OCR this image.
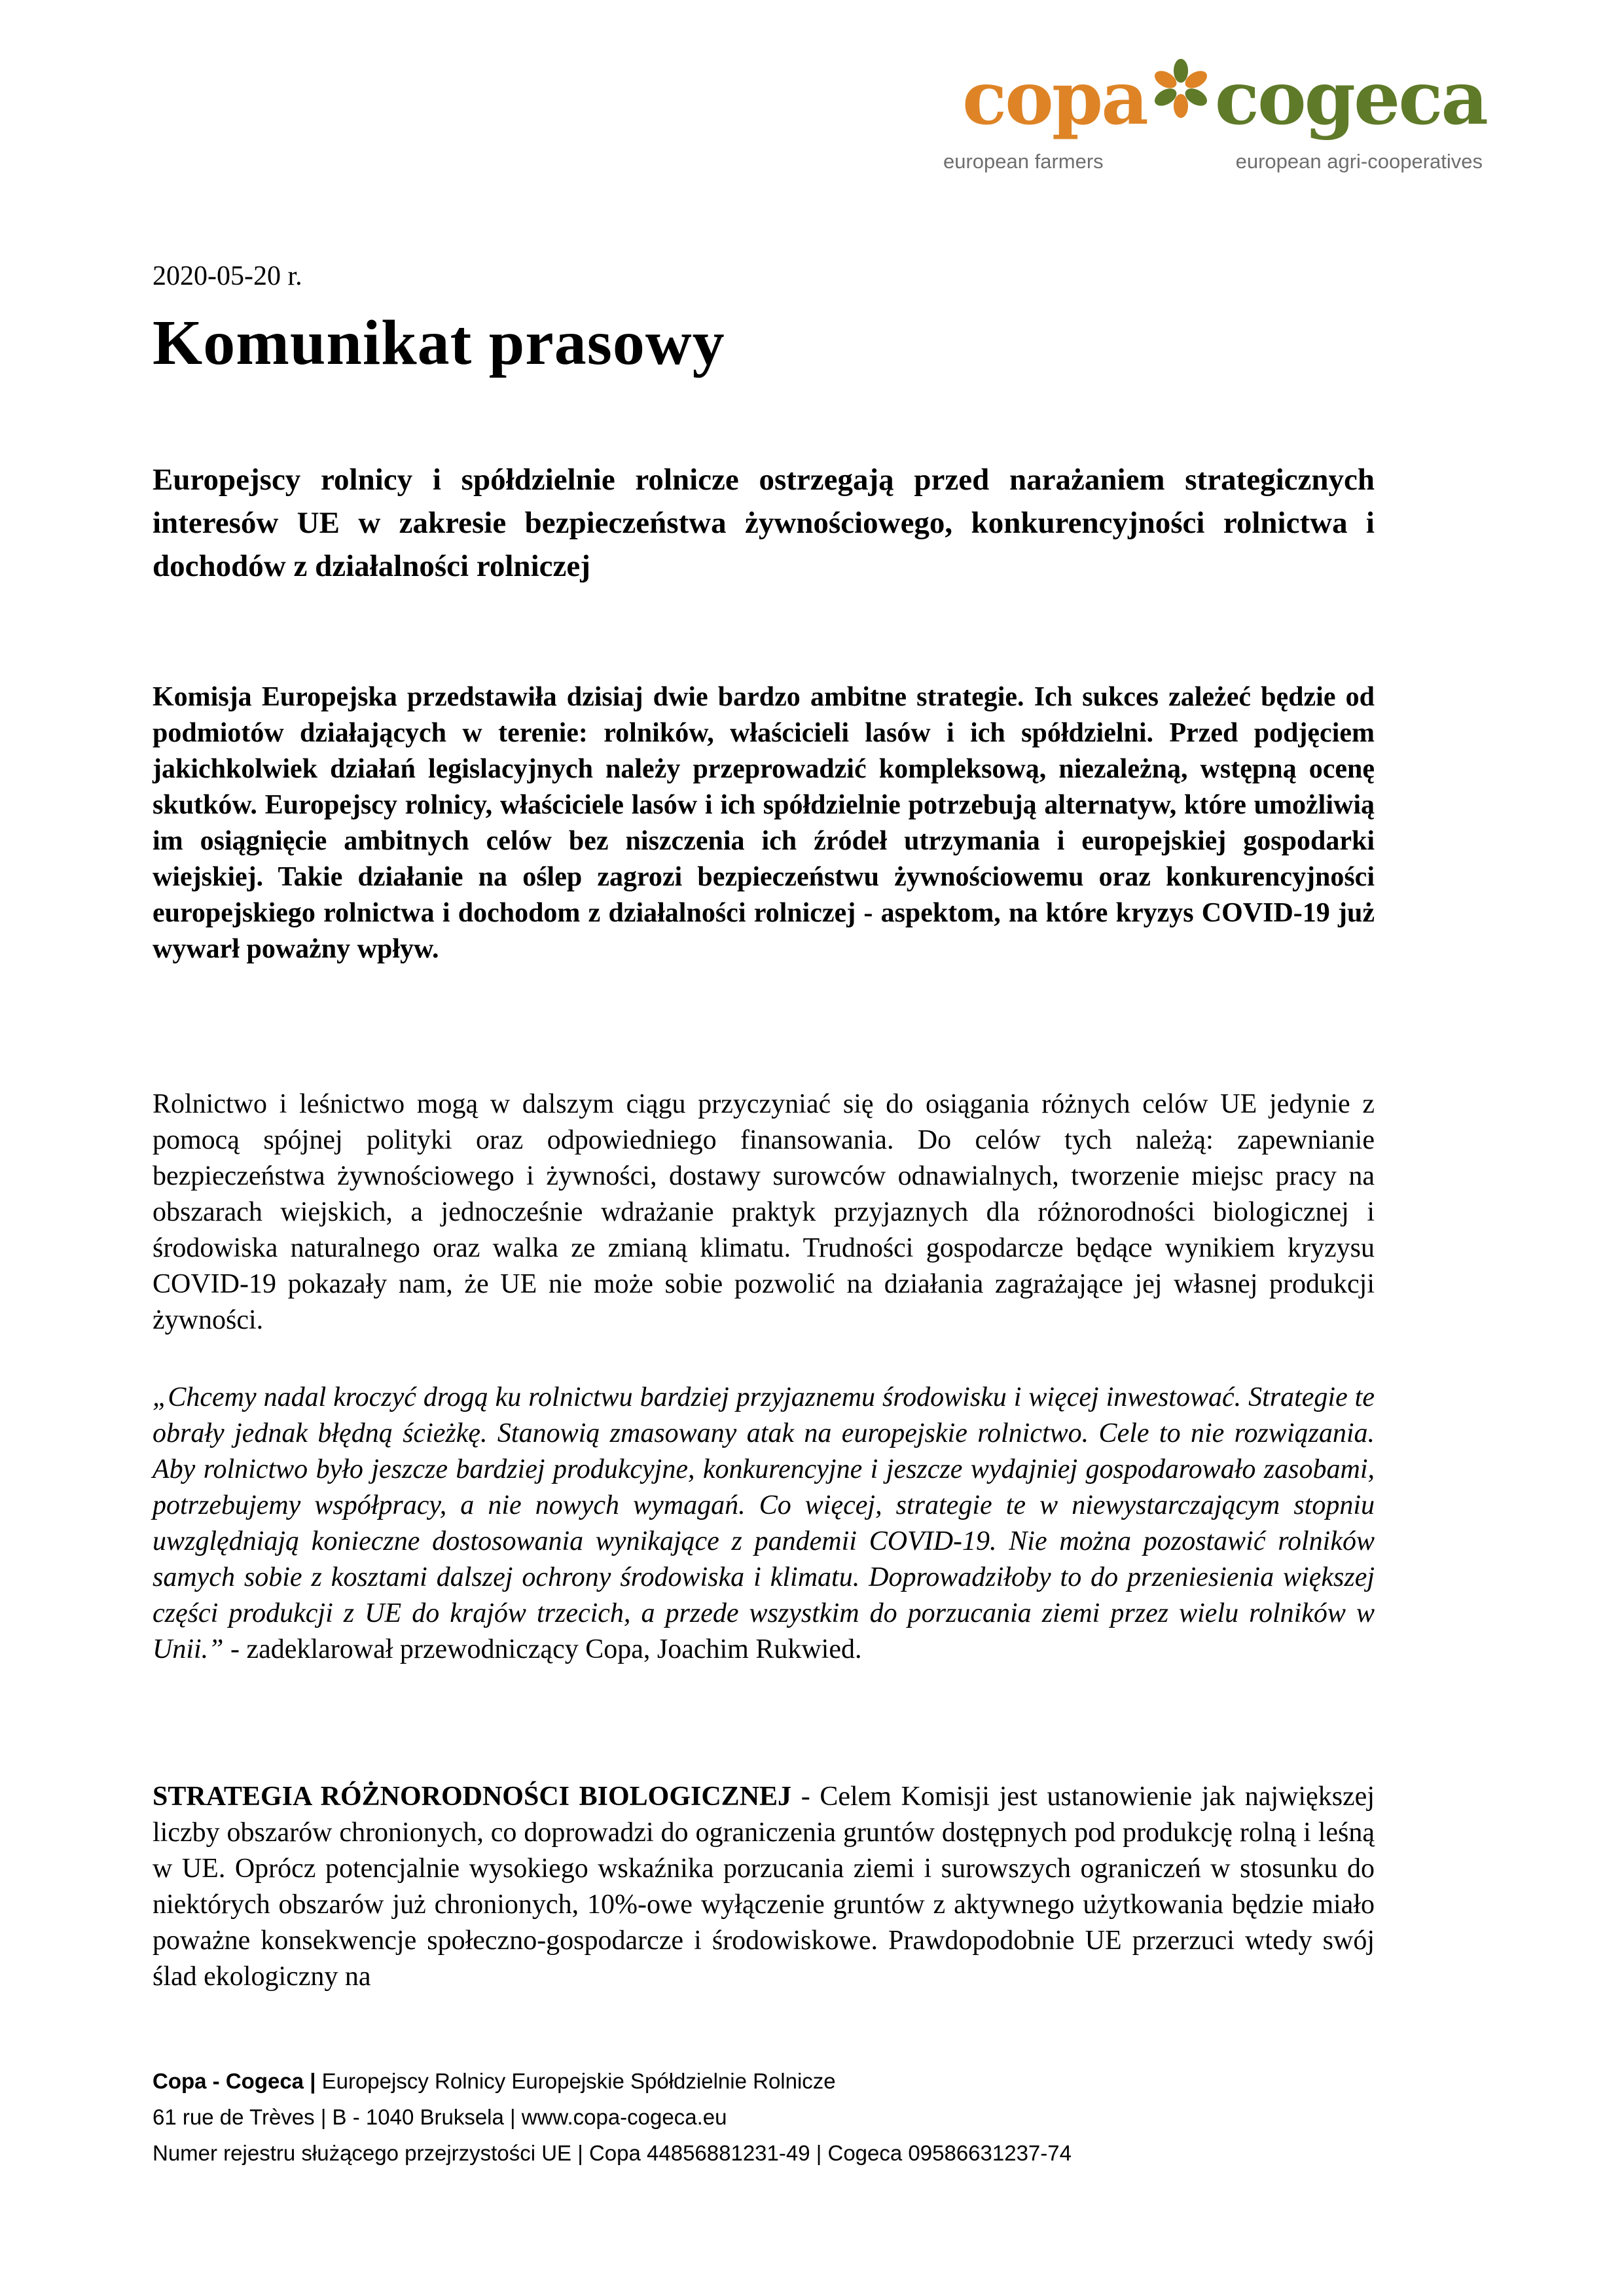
copa cogeca
european farmers	european agri-cooperatives
2020-05-20 r.
Komunikat prasowy
Europejscy rolnicy i spółdzielnie rolnicze ostrzegają przed narażaniem strategicznych interesów UE w zakresie bezpieczeństwa żywnościowego, konkurencyjności rolnictwa i dochodów z działalności rolniczej

Komisja Europejska przedstawiła dzisiaj dwie bardzo ambitne strategie. Ich sukces zależeć będzie od podmiotów działających w terenie: rolników, właścicieli lasów i ich spółdzielni. Przed podjęciem jakichkolwiek działań legislacyjnych należy przeprowadzić kompleksową, niezależną, wstępną ocenę skutków. Europejscy rolnicy, właściciele lasów i ich spółdzielnie potrzebują alternatyw, które umożliwią im osiągnięcie ambitnych celów bez niszczenia ich źródeł utrzymania i europejskiej gospodarki wiejskiej. Takie działanie na oślep zagrozi bezpieczeństwu żywnościowemu oraz konkurencyjności europejskiego rolnictwa i dochodom z działalności rolniczej - aspektom, na które kryzys COVID-19 już wywarł poważny wpływ.

Rolnictwo i leśnictwo mogą w dalszym ciągu przyczyniać się do osiągania różnych celów UE jedynie z pomocą spójnej polityki oraz odpowiedniego finansowania. Do celów tych należą: zapewnianie bezpieczeństwa żywnościowego i żywności, dostawy surowców odnawialnych, tworzenie miejsc pracy na obszarach wiejskich, a jednocześnie wdrażanie praktyk przyjaznych dla różnorodności biologicznej i środowiska naturalnego oraz walka ze zmianą klimatu. Trudności gospodarcze będące wynikiem kryzysu COVID-19 pokazały nam, że UE nie może sobie pozwolić na działania zagrażające jej własnej produkcji żywności.

„Chcemy nadal kroczyć drogą ku rolnictwu bardziej przyjaznemu środowisku i więcej inwestować. Strategie te obrały jednak błędną ścieżkę. Stanowią zmasowany atak na europejskie rolnictwo. Cele to nie rozwiązania. Aby rolnictwo było jeszcze bardziej produkcyjne, konkurencyjne i jeszcze wydajniej gospodarowało zasobami, potrzebujemy współpracy, a nie nowych wymagań. Co więcej, strategie te w niewystarczającym stopniu uwzględniają konieczne dostosowania wynikające z pandemii COVID-19. Nie można pozostawić rolników samych sobie z kosztami dalszej ochrony środowiska i klimatu. Doprowadziłoby to do przeniesienia większej części produkcji z UE do krajów trzecich, a przede wszystkim do porzucania ziemi przez wielu rolników w Unii.” - zadeklarował przewodniczący Copa, Joachim Rukwied.

STRATEGIA RÓŻNORODNOŚCI BIOLOGICZNEJ - Celem Komisji jest ustanowienie jak największej liczby obszarów chronionych, co doprowadzi do ograniczenia gruntów dostępnych pod produkcję rolną i leśną w UE. Oprócz potencjalnie wysokiego wskaźnika porzucania ziemi i surowszych ograniczeń w stosunku do niektórych obszarów już chronionych, 10%-owe wyłączenie gruntów z aktywnego użytkowania będzie miało poważne konsekwencje społeczno-gospodarcze i środowiskowe. Prawdopodobnie UE przerzuci wtedy swój ślad ekologiczny na

Copa - Cogeca | Europejscy Rolnicy Europejskie Spółdzielnie Rolnicze
61 rue de Trèves | B - 1040 Bruksela | www.copa-cogeca.eu
Numer rejestru służącego przejrzystości UE | Copa 44856881231-49 | Cogeca 09586631237-74
